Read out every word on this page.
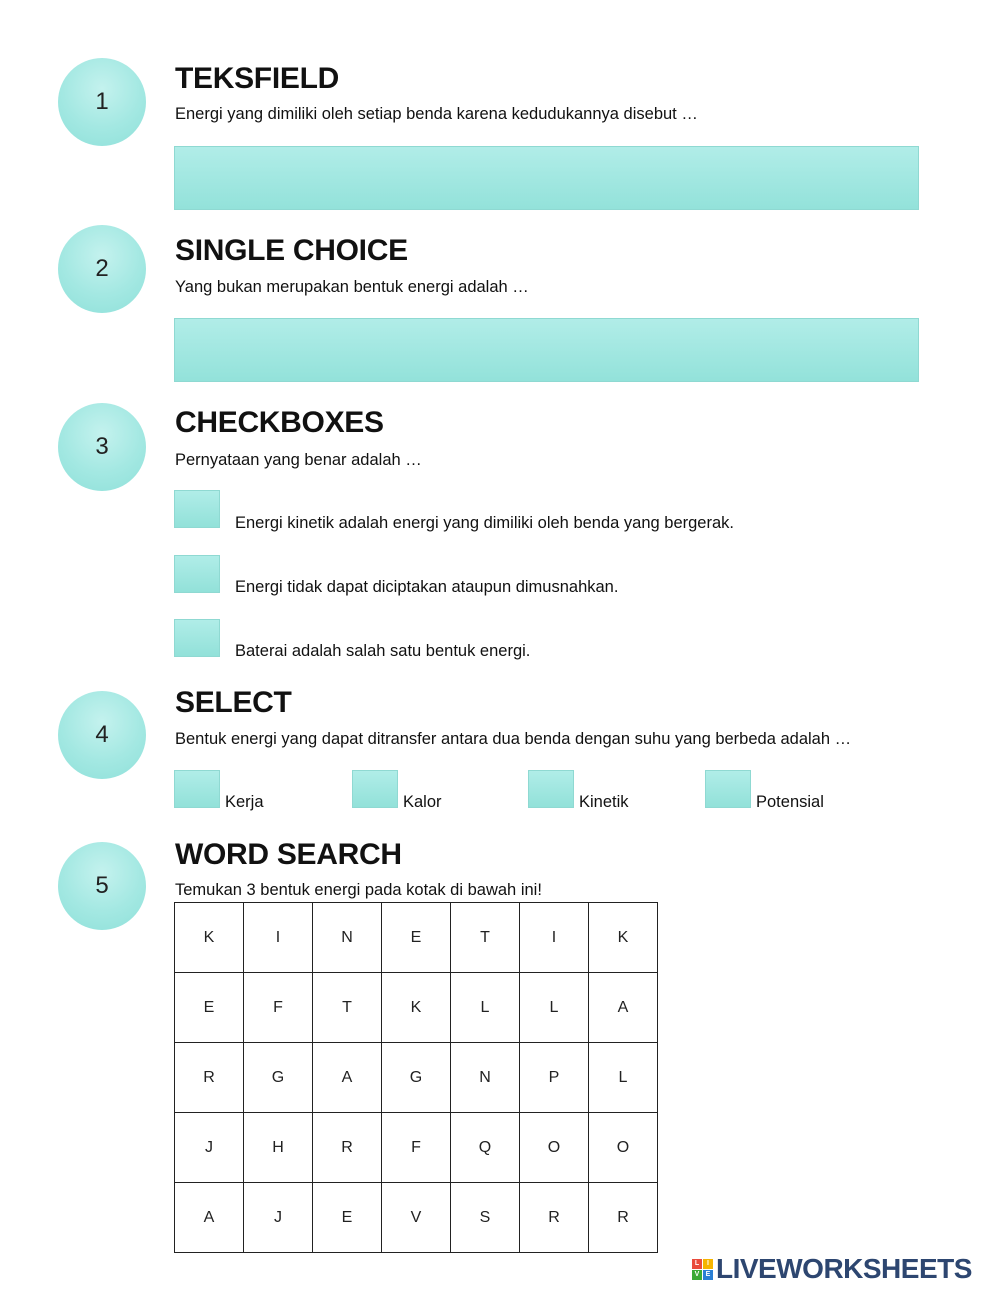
1
TEKSFIELD
Energi yang dimiliki oleh setiap benda karena kedudukannya disebut …
2
SINGLE CHOICE
Yang bukan merupakan bentuk energi adalah …
3
CHECKBOXES
Pernyataan yang benar adalah …
Energi kinetik adalah energi yang dimiliki oleh benda yang bergerak.
Energi tidak dapat diciptakan ataupun dimusnahkan.
Baterai adalah salah satu bentuk energi.
4
SELECT
Bentuk energi yang dapat ditransfer antara dua benda dengan suhu yang berbeda adalah …
Kerja	Kalor	Kinetik	Potensial
5
WORD SEARCH
Temukan 3 bentuk energi pada kotak di bawah ini!
K	I	N	E	T	I	K
E	F	T	K	L	L	A
R	G	A	G	N	P	L
J	H	R	F	Q	O	O
A	J	E	V	S	R	R
L	I
V E LIVEWORKSHEETS
